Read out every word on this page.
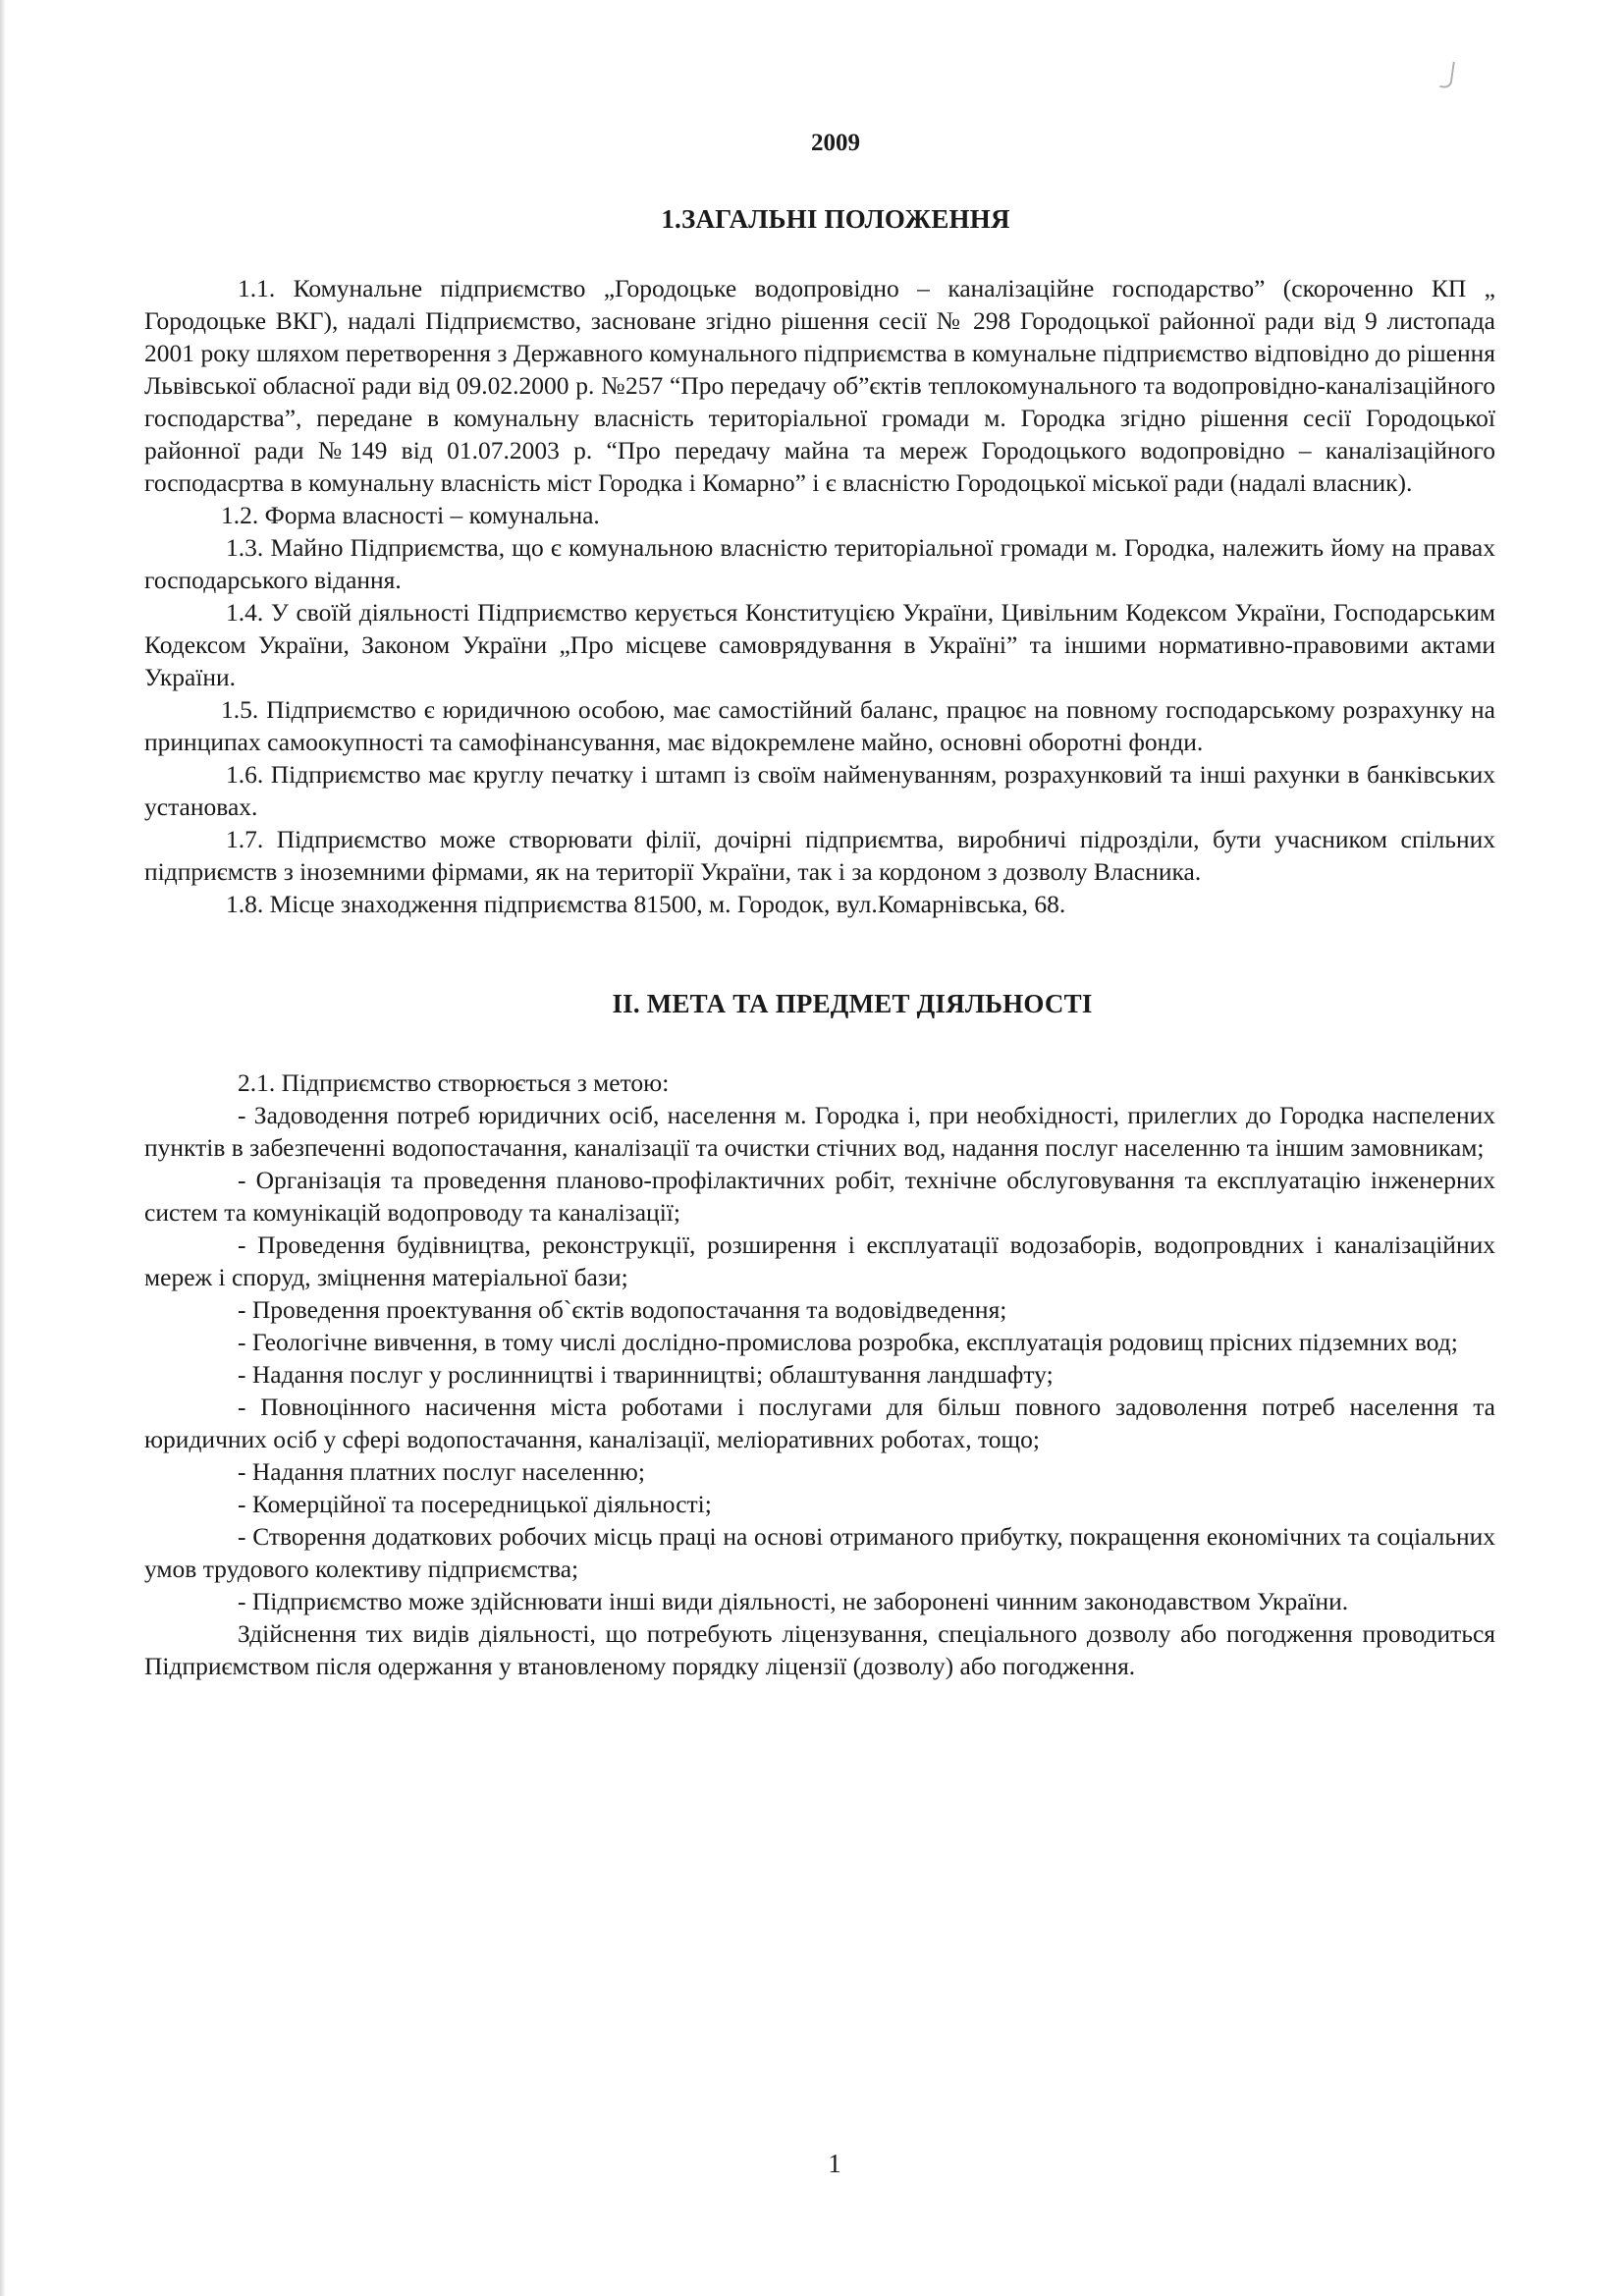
2009
1.ЗАГАЛЬНІ ПОЛОЖЕННЯ

1.1. Комунальне підприємство „Городоцьке водопровідно – каналізаційне господарство” (скороченно КП „ Городоцьке ВКГ), надалі Підприємство, засноване згідно рішення сесії № 298 Городоцької районної ради від 9 листопада 2001 року шляхом перетворення з Державного комунального підприємства в комунальне підприємство відповідно до рішення Львівської обласної ради від 09.02.2000 р. №257 “Про передачу об”єктів теплокомунального та водопровідно-каналізаційного господарства”, передане в комунальну власність територіальної громади м. Городка згідно рішення сесії Городоцької районної ради №149 від 01.07.2003 р. “Про передачу майна та мереж Городоцького водопровідно – каналізаційного господасртва в комунальну власність міст Городка і Комарно” і є власністю Городоцької міської ради (надалі власник).

1.2. Форма власності – комунальна.

1.3. Майно Підприємства, що є комунальною власністю територіальної громади м. Городка, належить йому на правах господарського відання.

1.4. У своїй діяльності Підприємство керується Конституцією України, Цивільним Кодексом України, Господарським Кодексом України, Законом України „Про місцеве самоврядування в Україні” та іншими нормативно-правовими актами України.

1.5. Підприємство є юридичною особою, має самостійний баланс, працює на повному господарському розрахунку на принципах самоокупності та самофінансування, має відокремлене майно, основні оборотні фонди.

1.6. Підприємство має круглу печатку і штамп із своїм найменуванням, розрахунковий та інші рахунки в банківських установах.

1.7. Підприємство може створювати філії, дочірні підприємтва, виробничі підрозділи, бути учасником спільних підприємств з іноземними фірмами, як на території України, так і за кордоном з дозволу Власника.

1.8. Місце знаходження підприємства 81500, м. Городок, вул.Комарнівська, 68.

II. МЕТА ТА ПРЕДМЕТ ДІЯЛЬНОСТІ

2.1. Підприємство створюється з метою:

- Задоводення потреб юридичних осіб, населення м. Городка і, при необхідності, прилеглих до Городка наспелених пунктів в забезпеченні водопостачання, каналізації та очистки стічних вод, надання послуг населенню та іншим замовникам;

- Організація та проведення планово-профілактичних робіт, технічне обслуговування та експлуатацію інженерних систем та комунікацій водопроводу та каналізації;

- Проведення будівництва, реконструкції, розширення і експлуатації водозаборів, водопровдних і каналізаційних мереж і споруд, зміцнення матеріальної бази;

- Проведення проектування об`єктів водопостачання та водовідведення;

- Геологічне вивчення, в тому числі дослідно-промислова розробка, експлуатація родовищ прісних підземних вод;

- Надання послуг у рослинництві і тваринництві; облаштування ландшафту;

- Повноцінного насичення міста роботами і послугами для більш повного задоволення потреб населення та юридичних осіб у сфері водопостачання, каналізації, меліоративних роботах, тощо;

- Надання платних послуг населенню;

- Комерційної та посередницької діяльності;

- Створення додаткових робочих місць праці на основі отриманого прибутку, покращення економічних та соціальних умов трудового колективу підприємства;

- Підприємство може здійснювати інші види діяльності, не заборонені чинним законодавством України.

Здійснення тих видів діяльності, що потребують ліцензування, спеціального дозволу або погодження проводиться Підприємством після одержання у втановленому порядку ліцензії (дозволу) або погодження.

1
